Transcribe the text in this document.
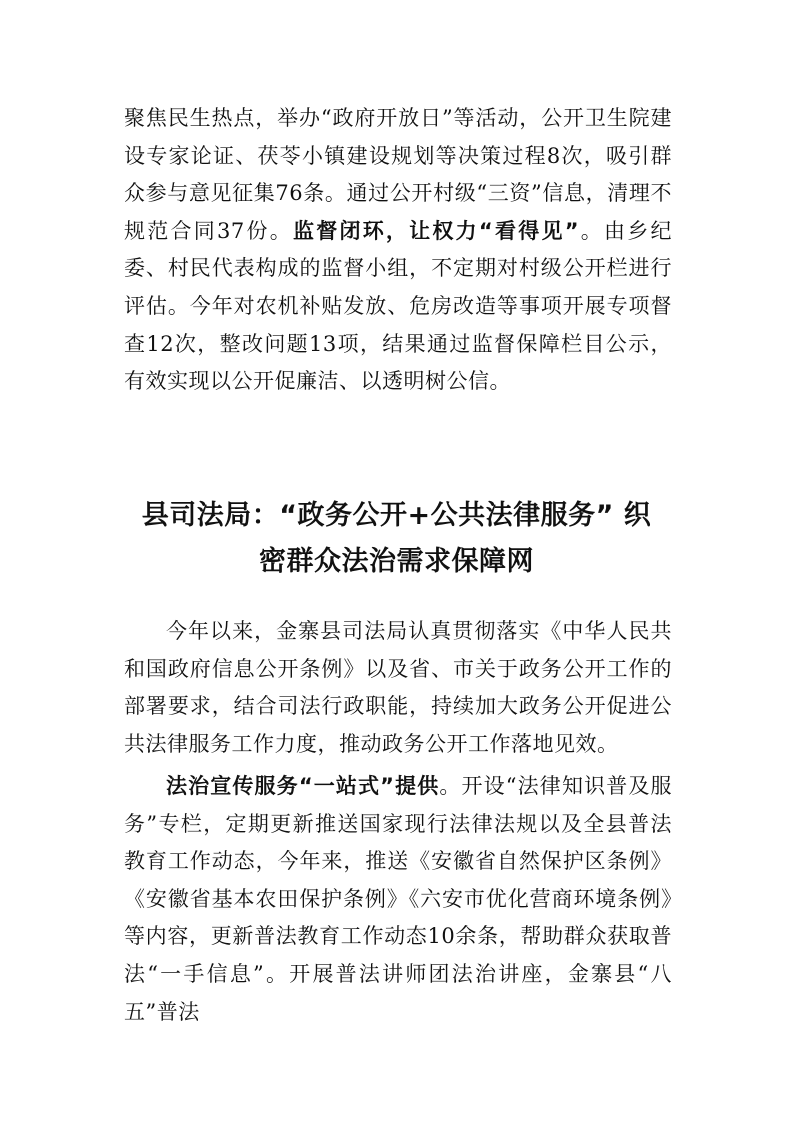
聚焦民生热点，举办“政府开放日”等活动，公开卫生院建设专家论证、茯苓小镇建设规划等决策过程8次，吸引群众参与意见征集76条。通过公开村级“三资”信息，清理不规范合同37份。监督闭环，让权力“看得见”。由乡纪委、村民代表构成的监督小组，不定期对村级公开栏进行评估。今年对农机补贴发放、危房改造等事项开展专项督查12次，整改问题13项，结果通过监督保障栏目公示，有效实现以公开促廉洁、以透明树公信。

县司法局：“政务公开+公共法律服务” 织
密群众法治需求保障网

今年以来，金寨县司法局认真贯彻落实《中华人民共和国政府信息公开条例》以及省、市关于政务公开工作的部署要求，结合司法行政职能，持续加大政务公开促进公共法律服务工作力度，推动政务公开工作落地见效。

法治宣传服务“一站式”提供。开设“法律知识普及服务”专栏，定期更新推送国家现行法律法规以及全县普法教育工作动态，今年来，推送《安徽省自然保护区条例》《安徽省基本农田保护条例》《六安市优化营商环境条例》等内容，更新普法教育工作动态10余条，帮助群众获取普法“一手信息”。开展普法讲师团法治讲座，金寨县“八五”普法
